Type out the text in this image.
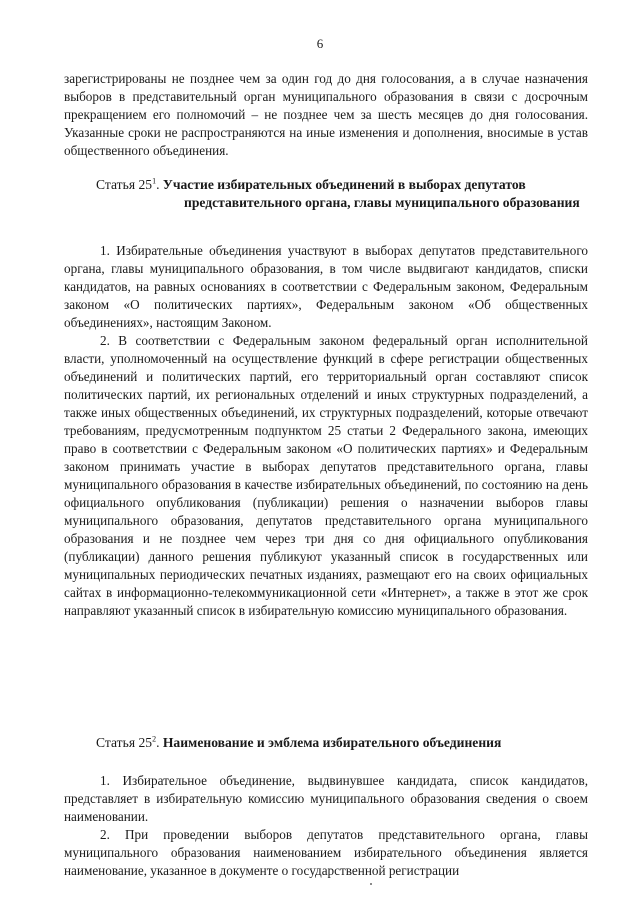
6

зарегистрированы не позднее чем за один год до дня голосования, а в случае назначения выборов в представительный орган муниципального образования в связи с досрочным прекращением его полномочий – не позднее чем за шесть месяцев до дня голосования. Указанные сроки не распространяются на иные изменения и дополнения, вносимые в устав общественного объединения.

Статья $25^1$. Участие избирательных объединений в выборах депутатов
представительного органа, главы муниципального образования

1. Избирательные объединения участвуют в выборах депутатов представительного органа, главы муниципального образования, в том числе выдвигают кандидатов, списки кандидатов, на равных основаниях в соответствии с Федеральным законом, Федеральным законом «О политических партиях», Федеральным законом «Об общественных объединениях», настоящим Законом.

2. В соответствии с Федеральным законом федеральный орган исполнительной власти, уполномоченный на осуществление функций в сфере регистрации общественных объединений и политических партий, его территориальный орган составляют список политических партий, их региональных отделений и иных структурных подразделений, а также иных общественных объединений, их структурных подразделений, которые отвечают требованиям, предусмотренным подпунктом 25 статьи 2 Федерального закона, имеющих право в соответствии с Федеральным законом «О политических партиях» и Федеральным законом принимать участие в выборах депутатов представительного органа, главы муниципального образования в качестве избирательных объединений, по состоянию на день официального опубликования (публикации) решения о назначении выборов главы муниципального образования, депутатов представительного органа муниципального образования и не позднее чем через три дня со дня официального опубликования (публикации) данного решения публикуют указанный список в государственных или муниципальных периодических печатных изданиях, размещают его на своих официальных сайтах в информационно-телекоммуникационной сети «Интернет», а также в этот же срок направляют указанный список в избирательную комиссию муниципального образования.

Статья $25^2$. Наименование и эмблема избирательного объединения

1. Избирательное объединение, выдвинувшее кандидата, список кандидатов, представляет в избирательную комиссию муниципального образования сведения о своем наименовании.

2. При проведении выборов депутатов представительного органа, главы муниципального образования наименованием избирательного объединения является наименование, указанное в документе о государственной регистрации
